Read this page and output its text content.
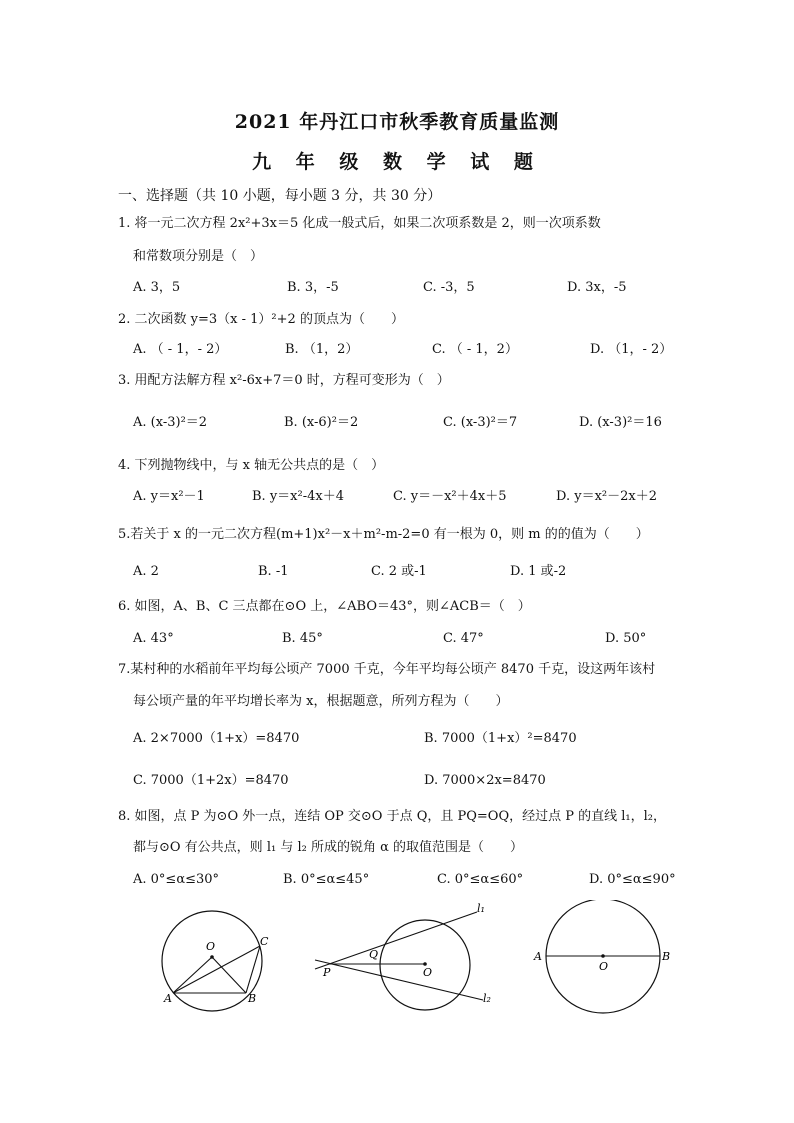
2021 年丹江口市秋季教育质量监测
九 年 级 数 学 试 题
一、选择题（共 10 小题，每小题 3 分，共 30 分）
1. 将一元二次方程 2x²+3x＝5 化成一般式后，如果二次项系数是 2，则一次项系数
和常数项分别是（　）
A. 3，5	B. 3，-5	C. -3，5	D. 3x，-5
2. 二次函数 y=3（x - 1）²+2 的顶点为（　　）
A. （ - 1，- 2）	B. （1，2）	C. （ - 1，2）	D. （1，- 2）
3. 用配方法解方程 x²-6x+7＝0 时，方程可变形为（　）
A. (x-3)²＝2	B. (x-6)²＝2	C. (x-3)²＝7	D. (x-3)²＝16
4. 下列抛物线中，与 x 轴无公共点的是（　）
A. y＝x²－1	B. y＝x²-4x＋4	C. y＝－x²＋4x＋5	D. y＝x²－2x＋2
5.若关于 x 的一元二次方程(m+1)x²－x＋m²-m-2=0 有一根为 0，则 m 的的值为（　　）
A. 2	B. -1	C. 2 或-1	D. 1 或-2
6. 如图，A、B、C 三点都在⊙O 上，∠ABO＝43°，则∠ACB＝（　）
A. 43°	B. 45°	C. 47°	D. 50°
7.某村种的水稻前年平均每公顷产 7000 千克，今年平均每公顷产 8470 千克，设这两年该村
每公顷产量的年平均增长率为 x，根据题意，所列方程为（　　）
A. 2×7000（1+x）=8470	B. 7000（1+x）²=8470
C. 7000（1+2x）=8470	D. 7000×2x=8470
8. 如图，点 P 为⊙O 外一点，连结 OP 交⊙O 于点 Q，且 PQ=OQ，经过点 P 的直线 l₁，l₂，
都与⊙O 有公共点，则 l₁ 与 l₂ 所成的锐角 α 的取值范围是（　　）
A. 0°≤α≤30°	B. 0°≤α≤45°	C. 0°≤α≤60°	D. 0°≤α≤90°
O
A	B
C
P
Q
O
l₁
l₂
A
O
B
